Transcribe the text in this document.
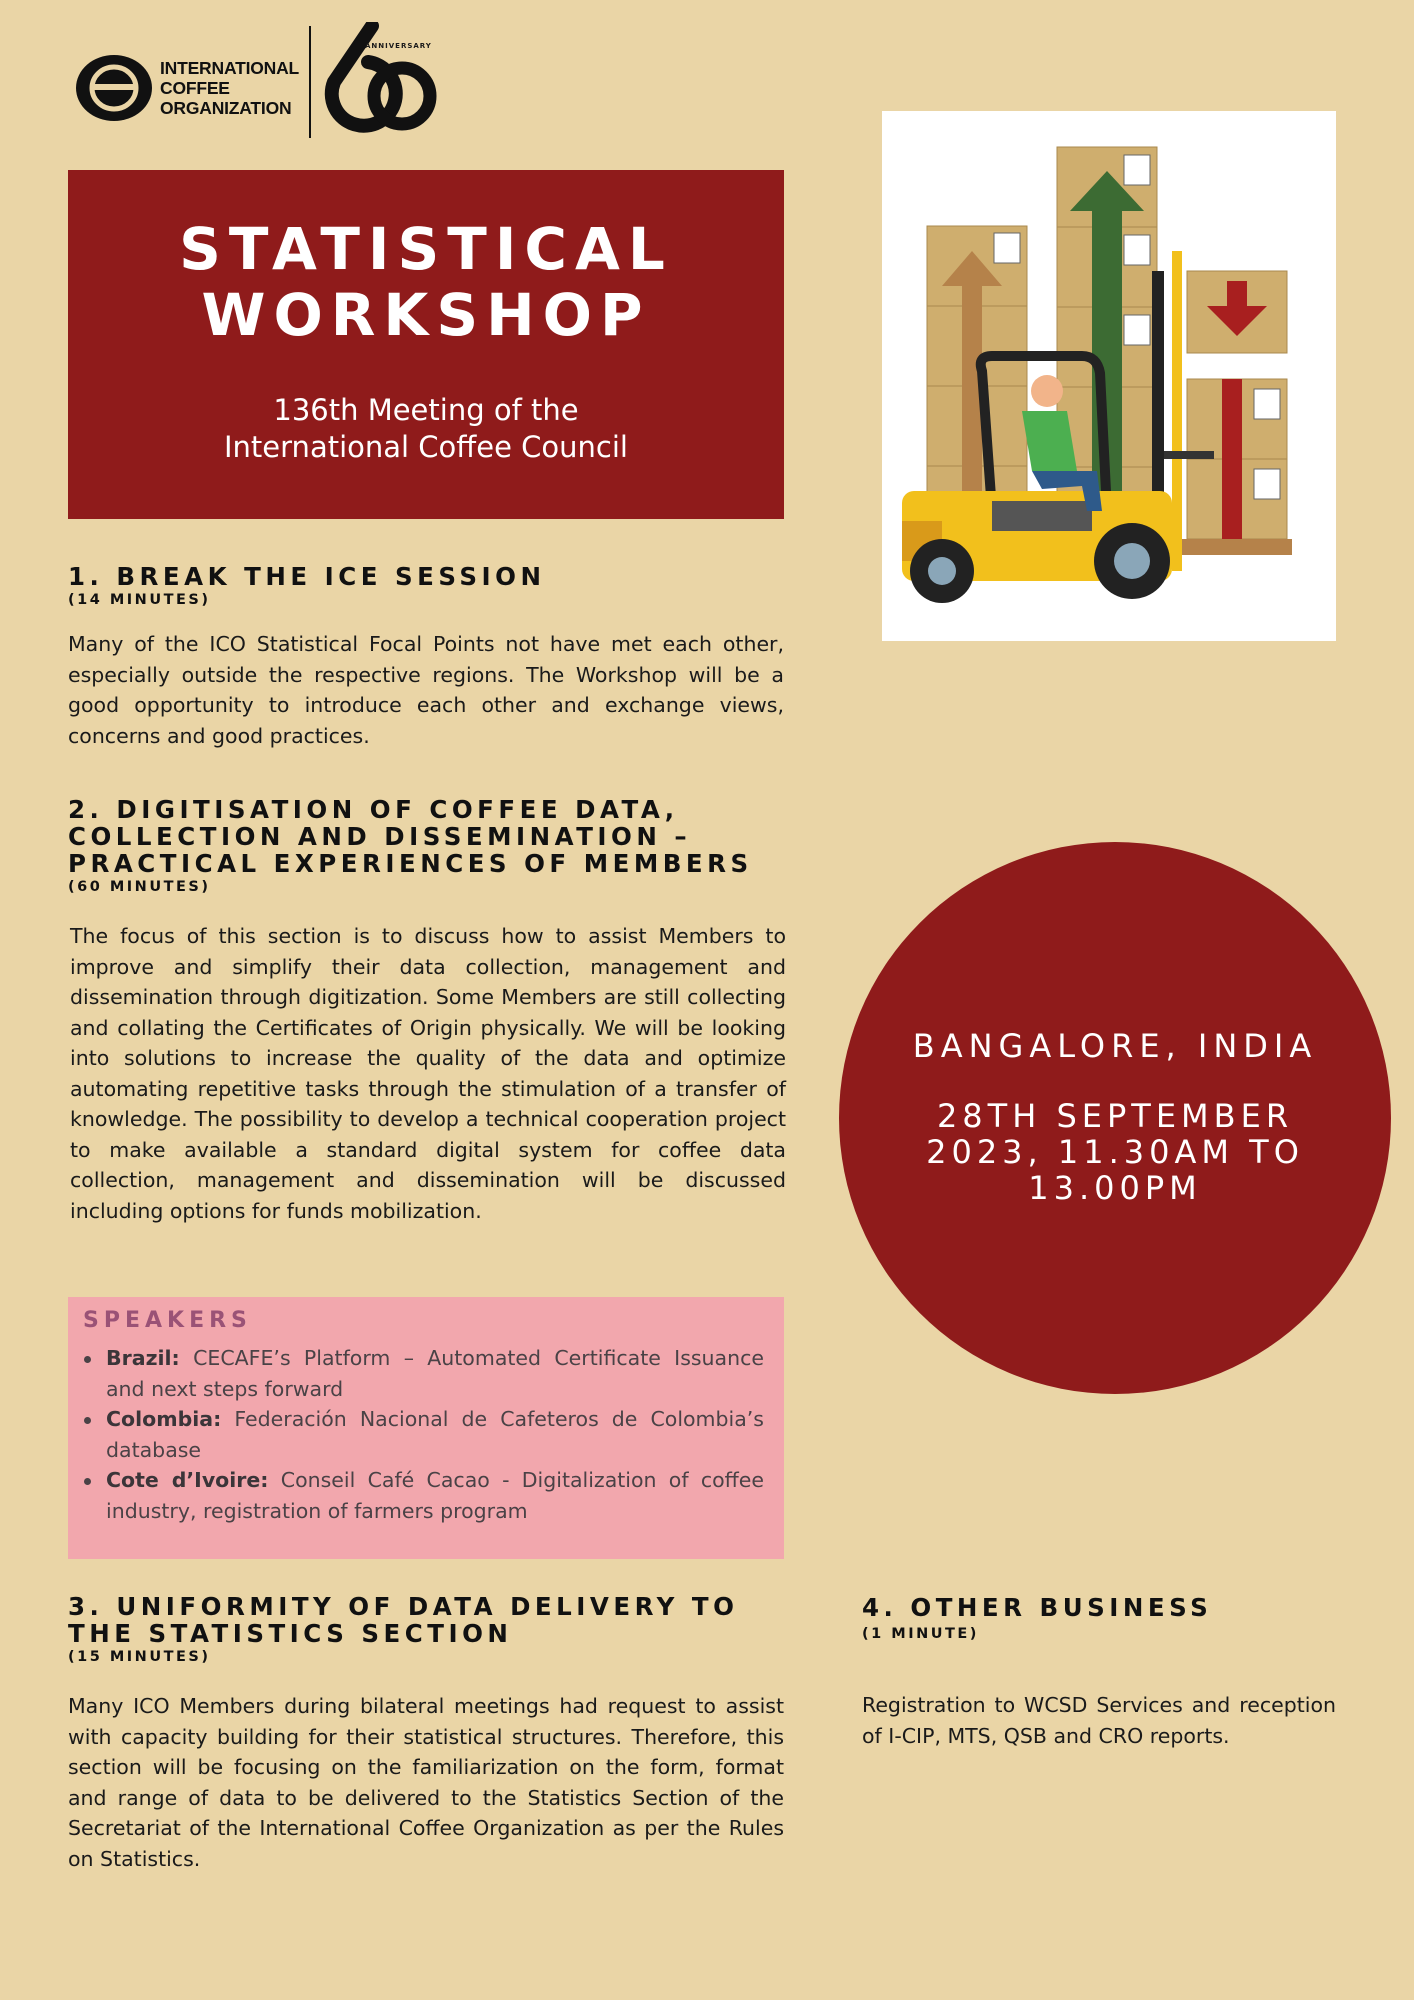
INTERNATIONAL
COFFEE
ORGANIZATION
ANNIVERSARY
STATISTICAL
WORKSHOP
136th Meeting of the International Coffee Council
1. BREAK THE ICE SESSION
(14 MINUTES)

Many of the ICO Statistical Focal Points not have met each other, especially outside the respective regions. The Workshop will be a good opportunity to introduce each other and exchange views, concerns and good practices.

2. DIGITISATION OF COFFEE DATA, COLLECTION AND DISSEMINATION – PRACTICAL EXPERIENCES OF MEMBERS
(60 MINUTES)

The focus of this section is to discuss how to assist Members to improve and simplify their data collection, management and dissemination through digitization. Some Members are still collecting and collating the Certificates of Origin physically. We will be looking into solutions to increase the quality of the data and optimize automating repetitive tasks through the stimulation of a transfer of knowledge. The possibility to develop a technical cooperation project to make available a standard digital system for coffee data collection, management and dissemination will be discussed including options for funds mobilization.

BANGALORE, INDIA
28TH SEPTEMBER 2023, 11.30AM TO 13.00PM
SPEAKERS

Brazil: CECAFE’s Platform – Automated Certificate Issuance and next steps forward

Colombia: Federación Nacional de Cafeteros de Colombia’s database

Cote d’Ivoire: Conseil Café Cacao - Digitalization of coffee industry, registration of farmers program

3. UNIFORMITY OF DATA DELIVERY TO THE STATISTICS SECTION
(15 MINUTES)

Many ICO Members during bilateral meetings had request to assist with capacity building for their statistical structures. Therefore, this section will be focusing on the familiarization on the form, format and range of data to be delivered to the Statistics Section of the Secretariat of the International Coffee Organization as per the Rules on Statistics.

4. OTHER BUSINESS
(1 MINUTE)

Registration to WCSD Services and reception of I-CIP, MTS, QSB and CRO reports.
